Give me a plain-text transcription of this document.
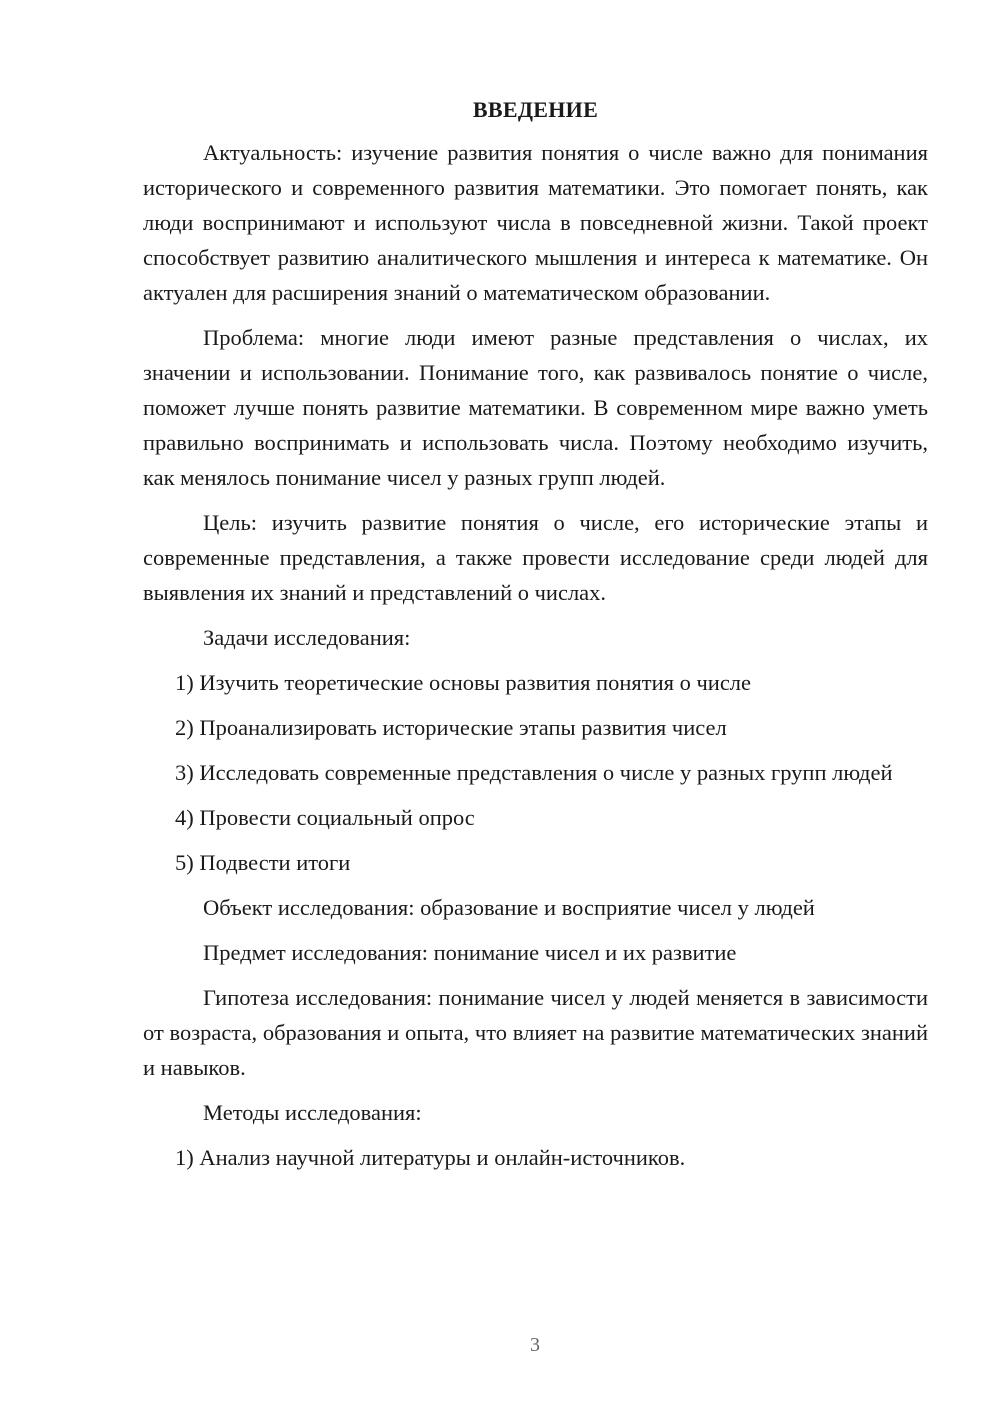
ВВЕДЕНИЕ

Актуальность: изучение развития понятия о числе важно для понимания исторического и современного развития математики. Это помогает понять, как люди воспринимают и используют числа в повседневной жизни. Такой проект способствует развитию аналитического мышления и интереса к математике. Он актуален для расширения знаний о математическом образовании.

Проблема: многие люди имеют разные представления о числах, их значении и использовании. Понимание того, как развивалось понятие о числе, поможет лучше понять развитие математики. В современном мире важно уметь правильно воспринимать и использовать числа. Поэтому необходимо изучить, как менялось понимание чисел у разных групп людей.

Цель: изучить развитие понятия о числе, его исторические этапы и современные представления, а также провести исследование среди людей для выявления их знаний и представлений о числах.

Задачи исследования:

1) Изучить теоретические основы развития понятия о числе

2) Проанализировать исторические этапы развития чисел

3) Исследовать современные представления о числе у разных групп людей

4) Провести социальный опрос

5) Подвести итоги

Объект исследования: образование и восприятие чисел у людей

Предмет исследования: понимание чисел и их развитие

Гипотеза исследования: понимание чисел у людей меняется в зависимости от возраста, образования и опыта, что влияет на развитие математических знаний и навыков.

Методы исследования:

1) Анализ научной литературы и онлайн-источников.

3
